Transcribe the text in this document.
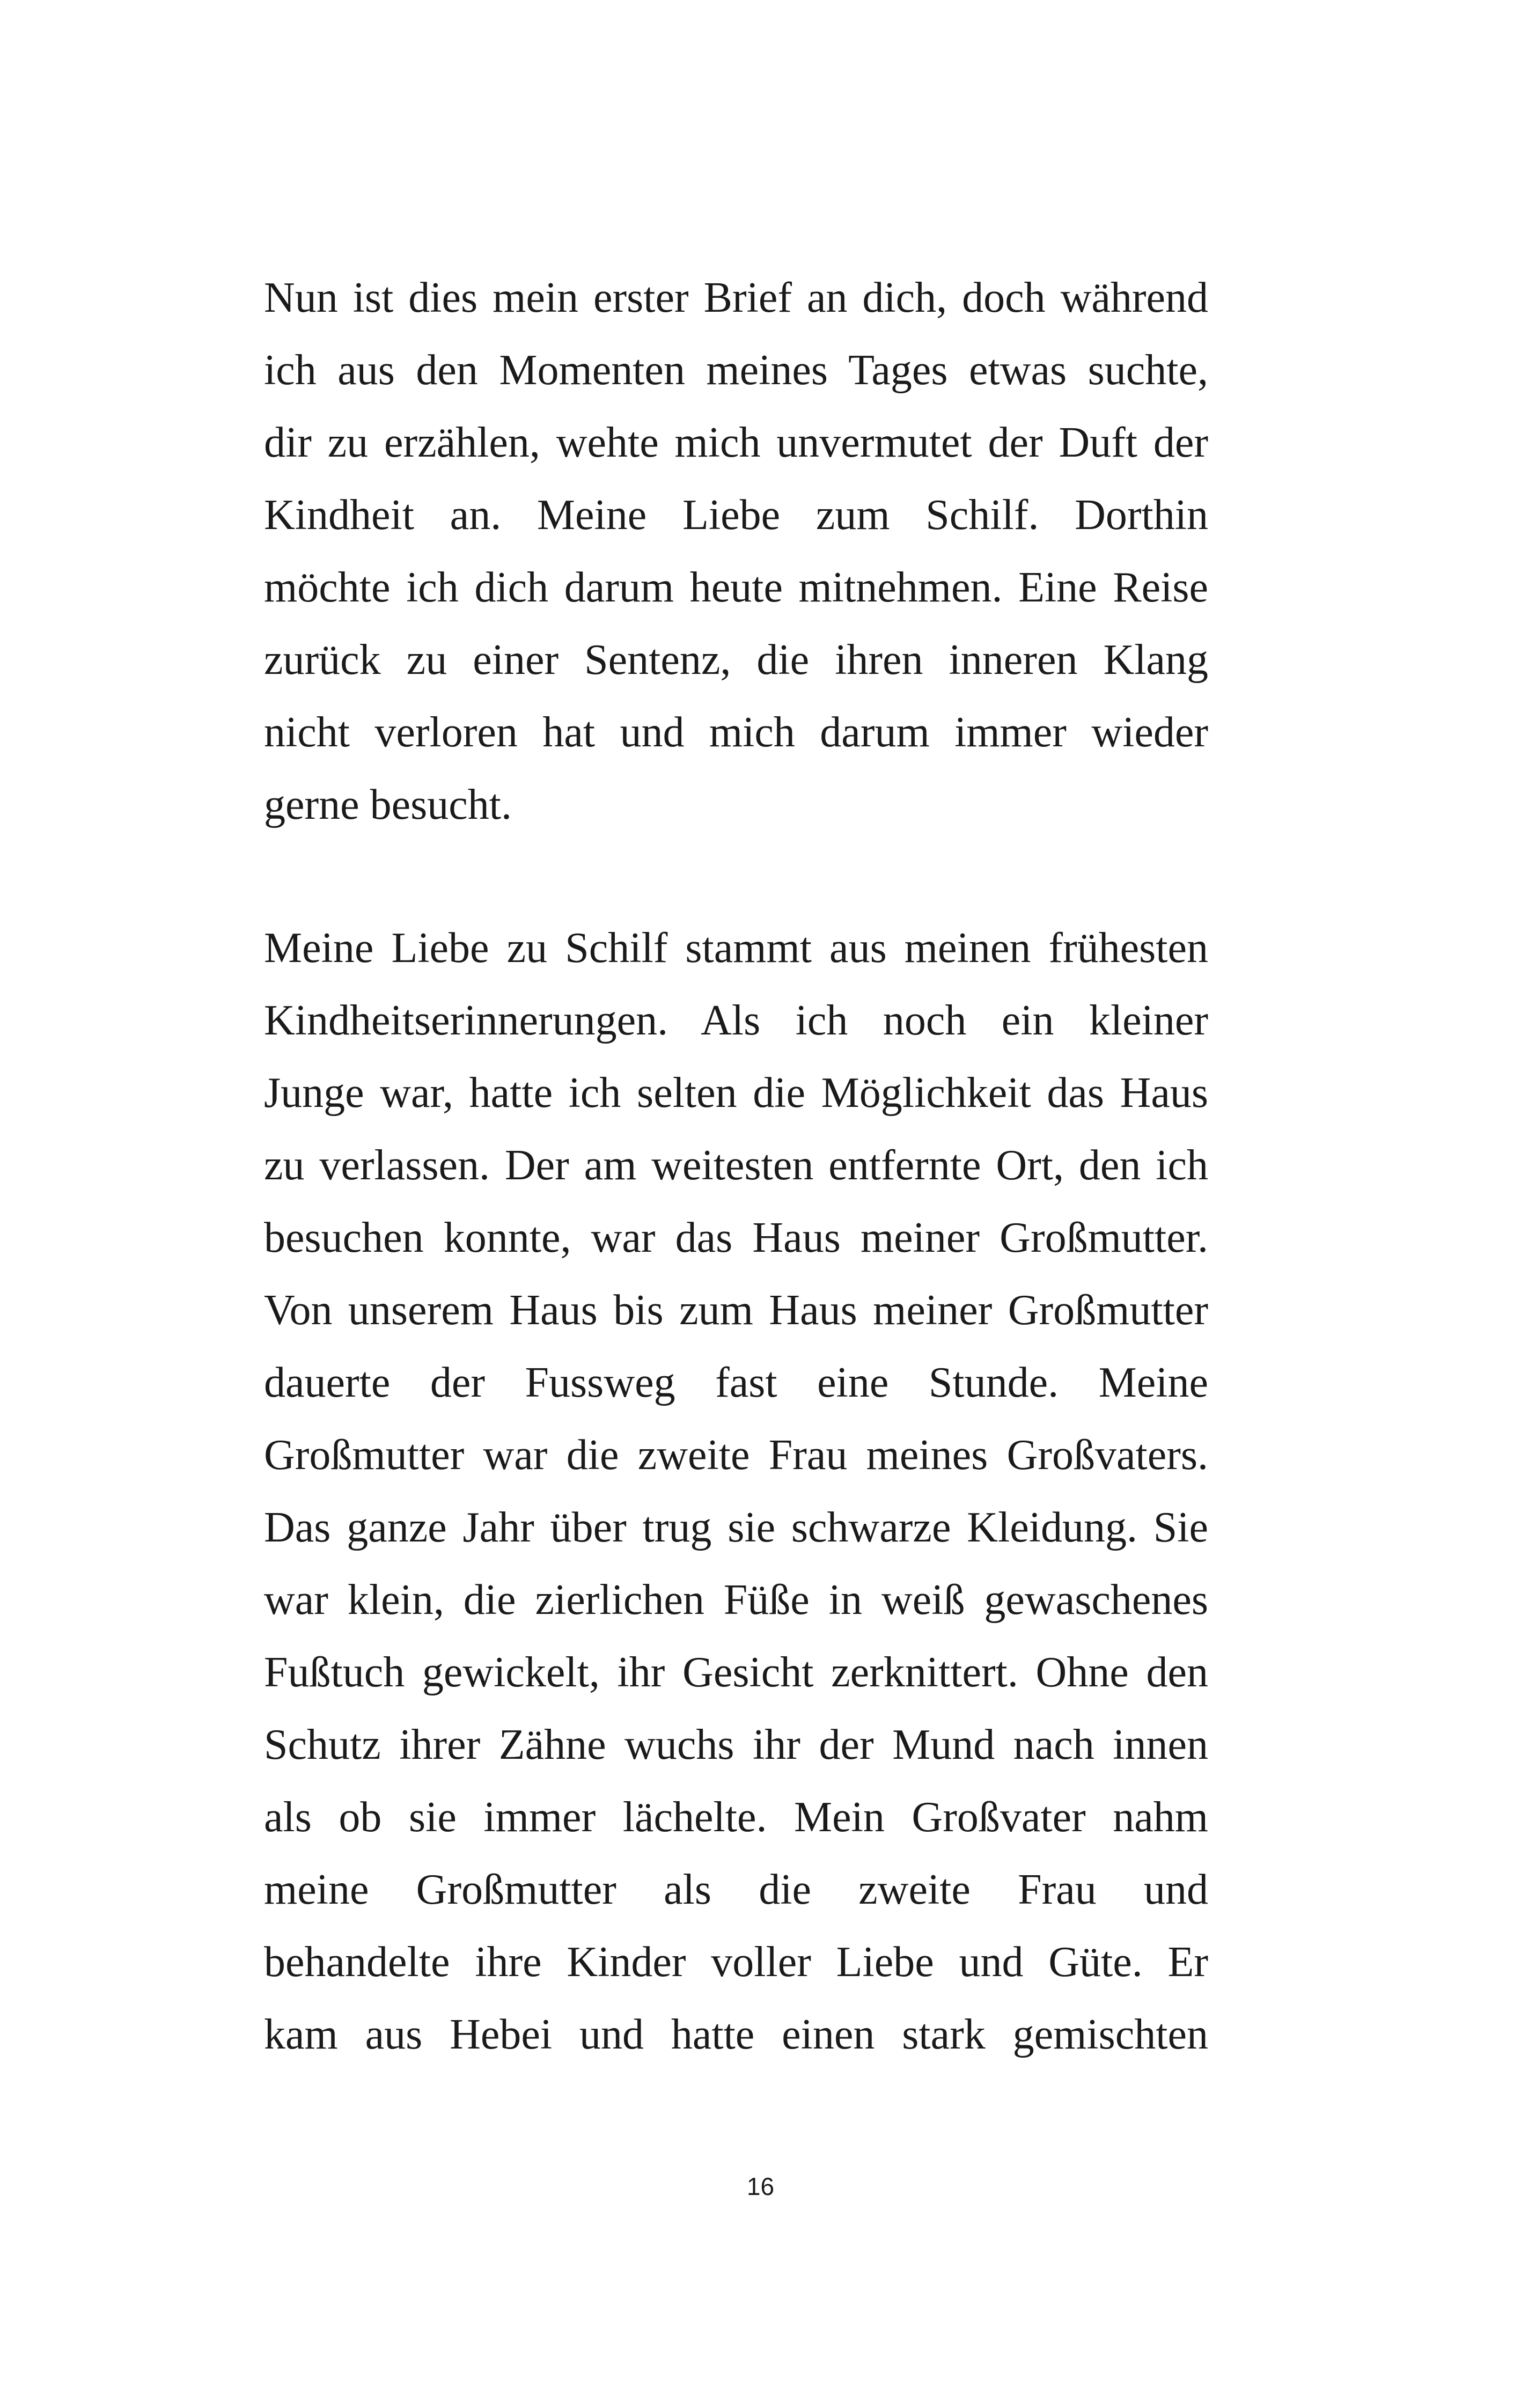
Nun ist dies mein erster Brief an dich, doch während
ich aus den Momenten meines Tages etwas suchte,
dir zu erzählen, wehte mich unvermutet der Duft der
Kindheit an. Meine Liebe zum Schilf. Dorthin
möchte ich dich darum heute mitnehmen. Eine Reise
zurück zu einer Sentenz, die ihren inneren Klang
nicht verloren hat und mich darum immer wieder
gerne besucht.
Meine Liebe zu Schilf stammt aus meinen frühesten
Kindheitserinnerungen. Als ich noch ein kleiner
Junge war, hatte ich selten die Möglichkeit das Haus
zu verlassen. Der am weitesten entfernte Ort, den ich
besuchen konnte, war das Haus meiner Großmutter.
Von unserem Haus bis zum Haus meiner Großmutter
dauerte der Fussweg fast eine Stunde. Meine
Großmutter war die zweite Frau meines Großvaters.
Das ganze Jahr über trug sie schwarze Kleidung. Sie
war klein, die zierlichen Füße in weiß gewaschenes
Fußtuch gewickelt, ihr Gesicht zerknittert. Ohne den
Schutz ihrer Zähne wuchs ihr der Mund nach innen
als ob sie immer lächelte. Mein Großvater nahm
meine Großmutter als die zweite Frau und
behandelte ihre Kinder voller Liebe und Güte. Er
kam aus Hebei und hatte einen stark gemischten
16
